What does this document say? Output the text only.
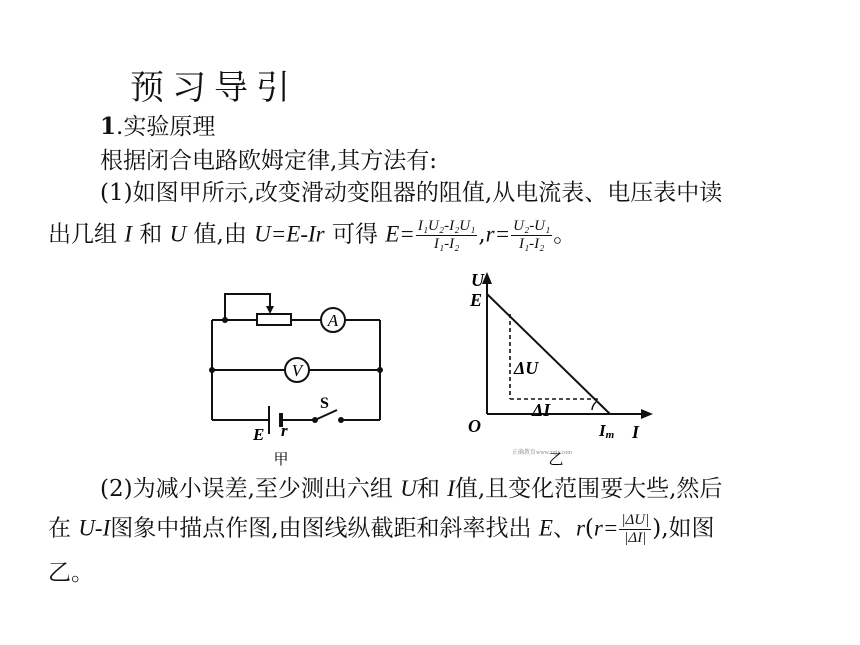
预习导引
1.实验原理
根据闭合电路欧姆定律,其方法有:
(1)如图甲所示,改变滑动变阻器的阻值,从电流表、电压表中读
出几组 I 和 U 值,由 U=E-Ir 可得 $E= \frac{\text{I₁U₂-I₂U₁}}{\text{I₁-I₂}} ,r= \frac{\text{U₂-U₁}}{\text{I₁-I₂}}$ 。
A
V
S
E r
甲
U
E
ΔU
ΔI
O	Im I
正确教育www.zqjy.com
乙
(2)为减小误差,至少测出六组 U和 I值,且变化范围要大些,然后
在 U-I图象中描点作图,由图线纵截距和斜率找出 E、$r(r= \frac{|\Delta U|}{|\Delta I|}$ ),如图
乙。
